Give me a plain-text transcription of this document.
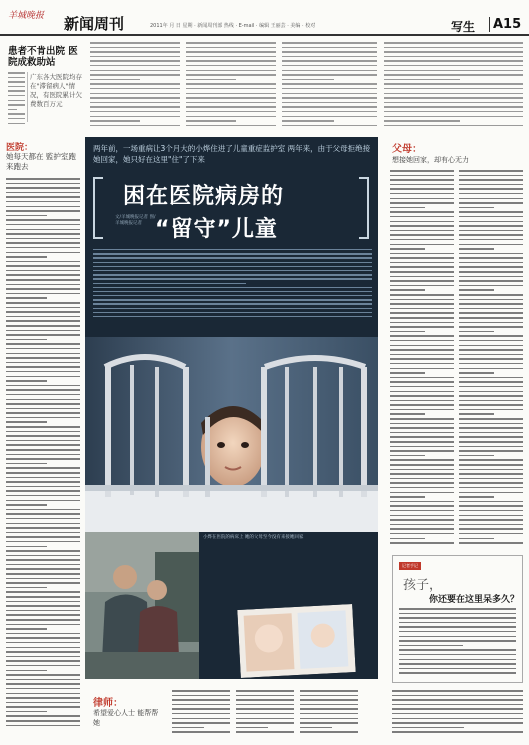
羊城晚报 新闻周刊	2011年 月 日 星期 · 新闻周刊部 热线 · E-mail · 编辑 王丽芸 · 美编 · 校对	写生	A15
患者不肯出院 医院成救助站
广东各大医院均存在"滞留病人"情况，有医院累计欠费数百万元
医院：
她每天都在 監护室跑来跑去
两年前，一场重病让3个月大的小烨住进了儿童重症监护室 两年来，由于父母拒绝接她回家，她只好在这里"住"了下来
困在医院病房的
“留守”儿童
文/羊城晚报记者 图/羊城晚报记者
小烨在医院的病床上 她的父母至今没有来接她回家
父母：
想接她回家，却有心无力
记者手记
孩子，
你还要在这里呆多久？
律师：
希望爱心人士 能帮帮她
